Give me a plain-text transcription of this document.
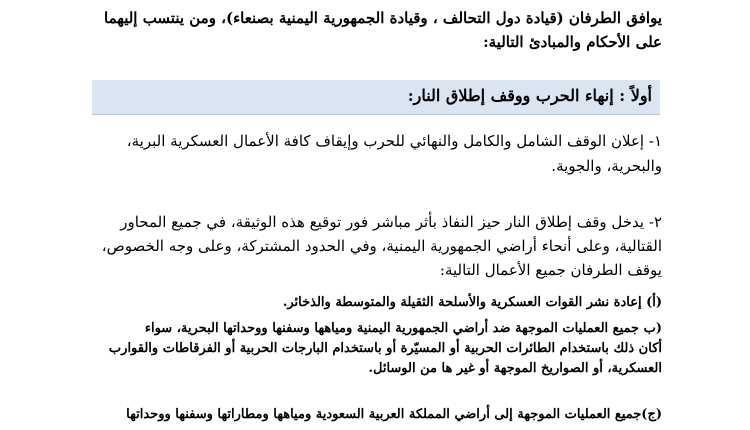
يوافق الطرفان (قيادة دول التحالف ، وقيادة الجمهورية اليمنية بصنعاء)، ومن ينتسب إليهما

على الأحكام والمبادئ التالية:

أولاً : إنهاء الحرب ووقف إطلاق النار:

١- إعلان الوقف الشامل والكامل والنهائي للحرب وإيقاف كافة الأعمال العسكرية البرية،

والبحرية، والجوية.

٢- يدخل وقف إطلاق النار حيز النفاذ بأثر مباشر فور توقيع هذه الوثيقة، في جميع المحاور

القتالية، وعلى أنحاء أراضي الجمهورية اليمنية، وفي الحدود المشتركة، وعلى وجه الخصوص،

يوقف الطرفان جميع الأعمال التالية:

(أ) إعادة نشر القوات العسكرية والأسلحة الثقيلة والمتوسطة والذخائر.

(ب جميع العمليات الموجهة ضد أراضي الجمهورية اليمنية ومياهها وسفنها ووحداتها البحرية، سواء

أكان ذلك باستخدام الطائرات الحربية أو المسيّرة أو باستخدام البارجات الحربية أو الفرقاطات والقوارب

العسكرية، أو الصواريخ الموجهة أو غير ها من الوسائل.

(ج)جميع العمليات الموجهة إلى أراضي المملكة العربية السعودية ومياهها ومطاراتها وسفنها ووحداتها
